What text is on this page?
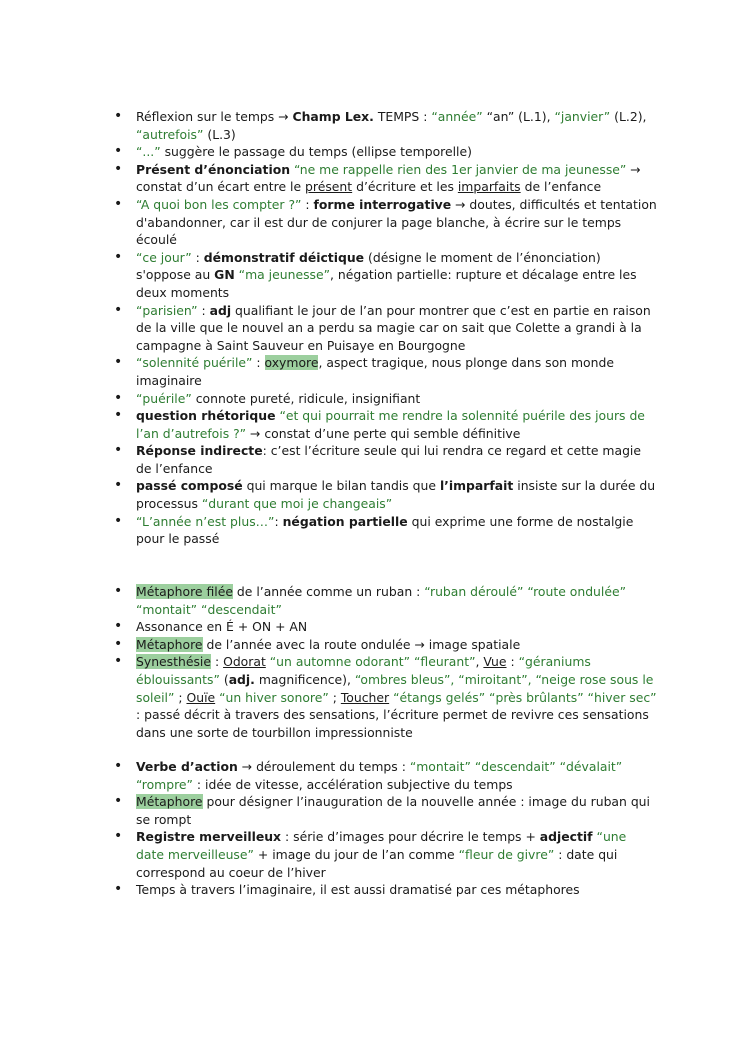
• Réflexion sur le temps → Champ Lex. TEMPS : “année” “an” (L.1), “janvier” (L.2), “autrefois” (L.3)
• “...” suggère le passage du temps (ellipse temporelle)
• Présent d’énonciation “ne me rappelle rien des 1er janvier de ma jeunesse” → constat d’un écart entre le présent d’écriture et les imparfaits de l’enfance
• “A quoi bon les compter ?” : forme interrogative → doutes, difficultés et tentation d'abandonner, car il est dur de conjurer la page blanche, à écrire sur le temps écoulé
• “ce jour” : démonstratif déictique (désigne le moment de l’énonciation) s'oppose au GN “ma jeunesse”, négation partielle: rupture et décalage entre les deux moments
• “parisien” : adj qualifiant le jour de l’an pour montrer que c’est en partie en raison de la ville que le nouvel an a perdu sa magie car on sait que Colette a grandi à la campagne à Saint Sauveur en Puisaye en Bourgogne
• “solennité puérile” : oxymore, aspect tragique, nous plonge dans son monde imaginaire
• “puérile” connote pureté, ridicule, insignifiant
• question rhétorique “et qui pourrait me rendre la solennité puérile des jours de l’an d’autrefois ?” → constat d’une perte qui semble définitive
• Réponse indirecte: c’est l’écriture seule qui lui rendra ce regard et cette magie de l’enfance
• passé composé qui marque le bilan tandis que l’imparfait insiste sur la durée du processus “durant que moi je changeais”
• “L’année n’est plus…”: négation partielle qui exprime une forme de nostalgie pour le passé
• Métaphore filée de l’année comme un ruban : “ruban déroulé” “route ondulée” “montait” “descendait”
• Assonance en É + ON + AN
• Métaphore de l’année avec la route ondulée → image spatiale
• Synesthésie : Odorat “un automne odorant” “fleurant”, Vue : “géraniums éblouissants” (adj. magnificence), “ombres bleus”, “miroitant”, “neige rose sous le soleil” ; Ouïe “un hiver sonore” ; Toucher “étangs gelés” “près brûlants” “hiver sec” : passé décrit à travers des sensations, l’écriture permet de revivre ces sensations dans une sorte de tourbillon impressionniste
• Verbe d’action → déroulement du temps : “montait” “descendait” “dévalait” “rompre” : idée de vitesse, accélération subjective du temps
• Métaphore pour désigner l’inauguration de la nouvelle année : image du ruban qui se rompt
• Registre merveilleux : série d’images pour décrire le temps + adjectif “une date merveilleuse” + image du jour de l’an comme “fleur de givre” : date qui correspond au coeur de l’hiver
• Temps à travers l’imaginaire, il est aussi dramatisé par ces métaphores
